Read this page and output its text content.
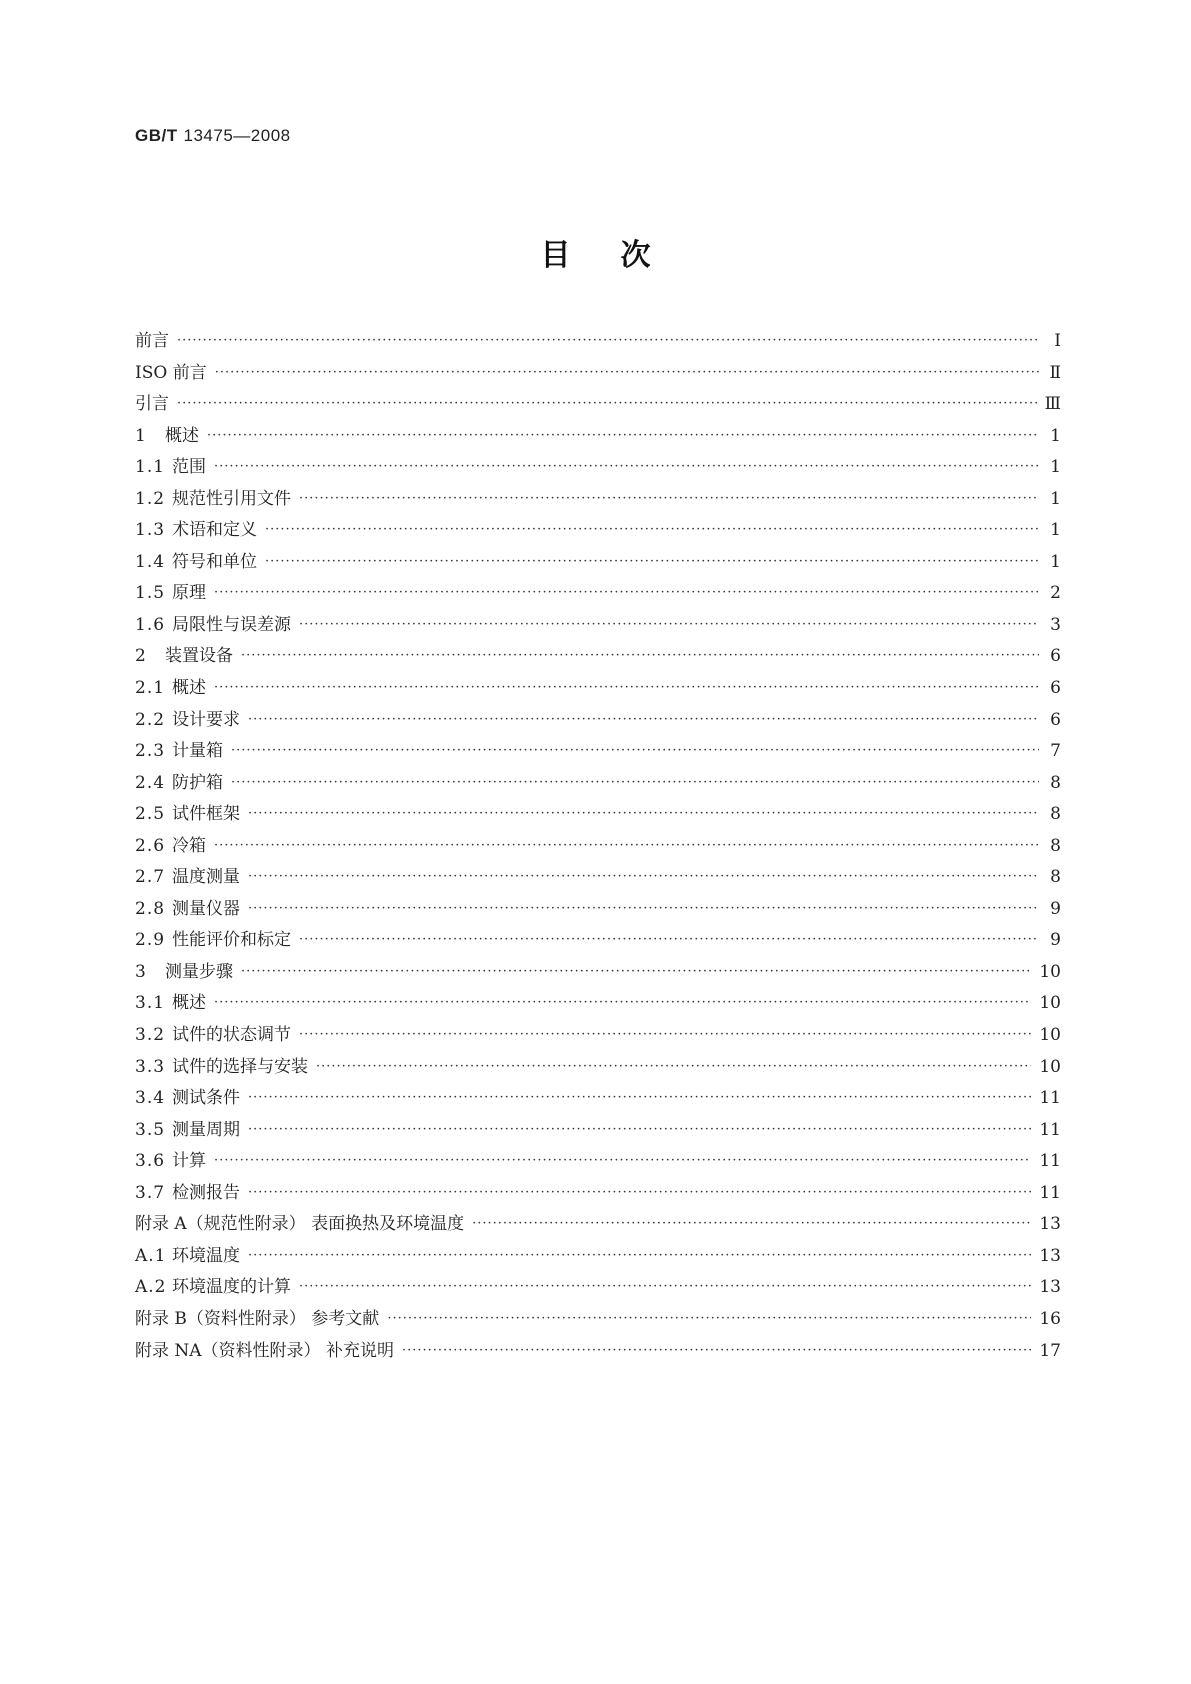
GB/T 13475—2008
目次
前言 ·····	Ⅰ
ISO 前言 ·····	Ⅱ
引言 ·····	Ⅲ
1 概述 ·····	1
1.1 范围 ·····	1
1.2 规范性引用文件 ·····	1
1.3 术语和定义 ·····	1
1.4 符号和单位 ·····	1
1.5 原理 ·····	2
1.6 局限性与误差源 ·····	3
2 装置设备 ·····	6
2.1 概述 ·····	6
2.2 设计要求 ·····	6
2.3 计量箱 ·····	7
2.4 防护箱 ·····	8
2.5 试件框架 ·····	8
2.6 冷箱 ·····	8
2.7 温度测量 ·····	8
2.8 测量仪器 ·····	9
2.9 性能评价和标定 ·····	9
3 测量步骤 ·····	10
3.1 概述 ·····	10
3.2 试件的状态调节 ·····	10
3.3 试件的选择与安装 ·····	10
3.4 测试条件 ·····	11
3.5 测量周期 ·····	11
3.6 计算 ·····	11
3.7 检测报告 ·····	11
附录 A（规范性附录） 表面换热及环境温度 ·····	13
A.1 环境温度 ·····	13
A.2 环境温度的计算 ·····	13
附录 B（资料性附录） 参考文献 ·····	16
附录 NA（资料性附录） 补充说明 ·····	17
